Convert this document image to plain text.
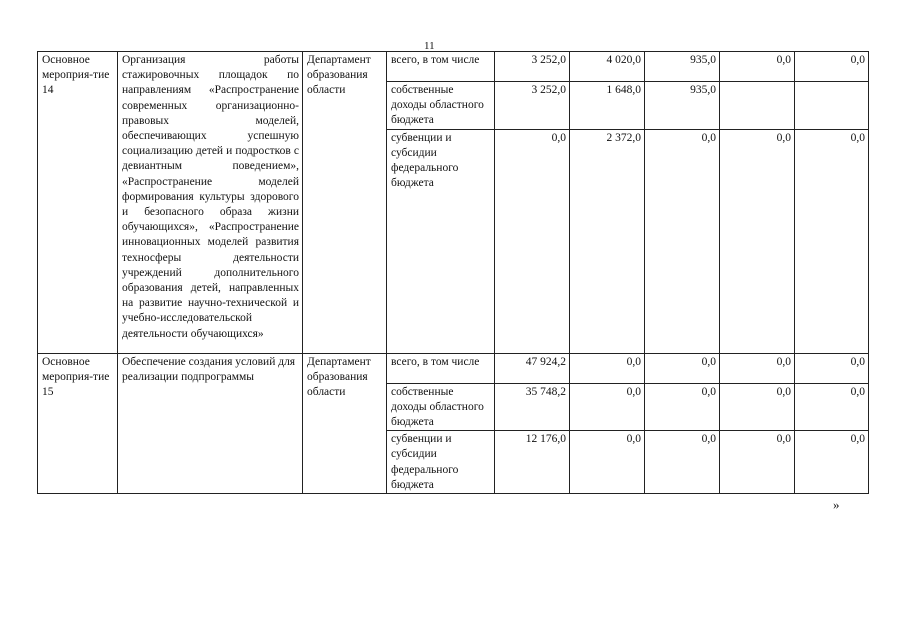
11
Основное мероприя-тие 14	Организация работы стажировочных площадок по направлениям «Распространение современных организационно-правовых моделей, обеспечивающих успешную социализацию детей и подростков с девиантным поведением», «Распространение моделей формирования культуры здорового и безопасного образа жизни обучающихся», «Распространение инновационных моделей развития техносферы деятельности учреждений дополнительного образования детей, направленных на развитие научно-технической и учебно-исследовательской деятельности обучающихся»	Департамент образования области	всего, в том числе	3 252,0	4 020,0	935,0	0,0	0,0
			собственные доходы областного бюджета	3 252,0	1 648,0	935,0		
			субвенции и субсидии федерального бюджета	0,0	2 372,0	0,0	0,0	0,0
Основное мероприя-тие 15	Обеспечение создания условий для реализации подпрограммы	Департамент образования области	всего, в том числе	47 924,2	0,0	0,0	0,0	0,0
			собственные доходы областного бюджета	35 748,2	0,0	0,0	0,0	0,0
			субвенции и субсидии федерального бюджета	12 176,0	0,0	0,0	0,0	0,0
»
